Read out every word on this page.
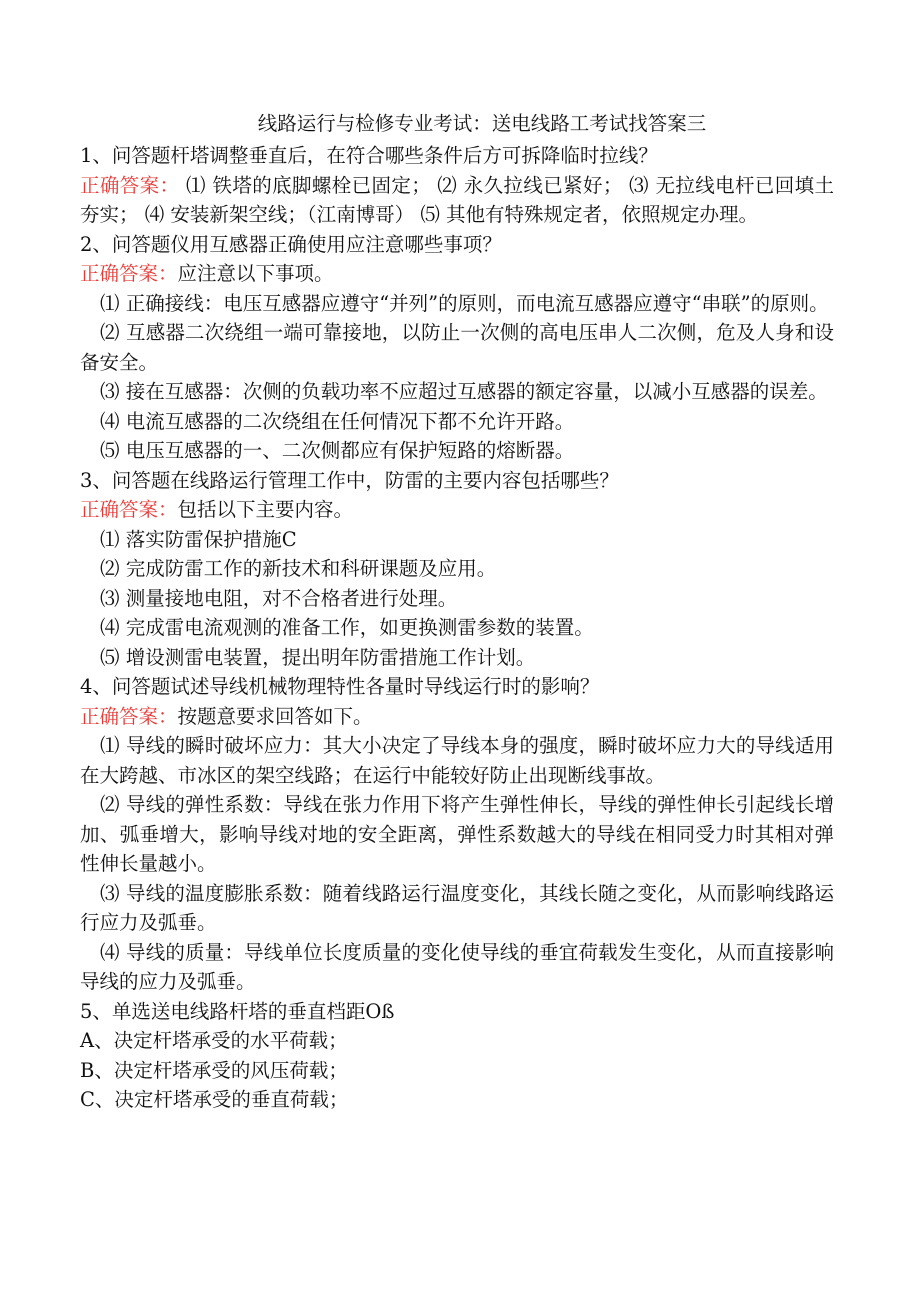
线路运行与检修专业考试：送电线路工考试找答案三
1、问答题杆塔调整垂直后，在符合哪些条件后方可拆降临时拉线？
正确答案： ⑴ 铁塔的底脚螺栓已固定； ⑵ 永久拉线已紧好； ⑶ 无拉线电杆已回填土夯实； ⑷ 安装新架空线；（江南博哥） ⑸ 其他有特殊规定者，依照规定办理。
2、问答题仪用互感器正确使用应注意哪些事项？
正确答案：应注意以下事项。
⑴ 正确接线：电压互感器应遵守“并列”的原则，而电流互感器应遵守“串联”的原则。
⑵ 互感器二次绕组一端可靠接地，以防止一次侧的高电压串人二次侧，危及人身和设备安全。
⑶ 接在互感器：次侧的负载功率不应超过互感器的额定容量，以减小互感器的误差。
⑷ 电流互感器的二次绕组在任何情况下都不允许开路。
⑸ 电压互感器的一、二次侧都应有保护短路的熔断器。
3、问答题在线路运行管理工作中，防雷的主要内容包括哪些？
正确答案：包括以下主要内容。
⑴ 落实防雷保护措施C
⑵ 完成防雷工作的新技术和科研课题及应用。
⑶ 测量接地电阻，对不合格者进行处理。
⑷ 完成雷电流观测的准备工作，如更换测雷参数的装置。
⑸ 增设测雷电装置，提出明年防雷措施工作计划。
4、问答题试述导线机械物理特性各量时导线运行时的影响？
正确答案：按题意要求回答如下。
⑴ 导线的瞬时破坏应力：其大小决定了导线本身的强度，瞬时破坏应力大的导线适用在大跨越、市冰区的架空线路；在运行中能较好防止出现断线事故。
⑵ 导线的弹性系数：导线在张力作用下将产生弹性伸长，导线的弹性伸长引起线长增加、弧垂增大，影响导线对地的安全距离，弹性系数越大的导线在相同受力时其相对弹性伸长量越小。
⑶ 导线的温度膨胀系数：随着线路运行温度变化，其线长随之变化，从而影响线路运行应力及弧垂。
⑷ 导线的质量：导线单位长度质量的变化使导线的垂宜荷载发生变化，从而直接影响导线的应力及弧垂。
5、单选送电线路杆塔的垂直档距Oß
A、决定杆塔承受的水平荷载；
B、决定杆塔承受的风压荷载；
C、决定杆塔承受的垂直荷载；
